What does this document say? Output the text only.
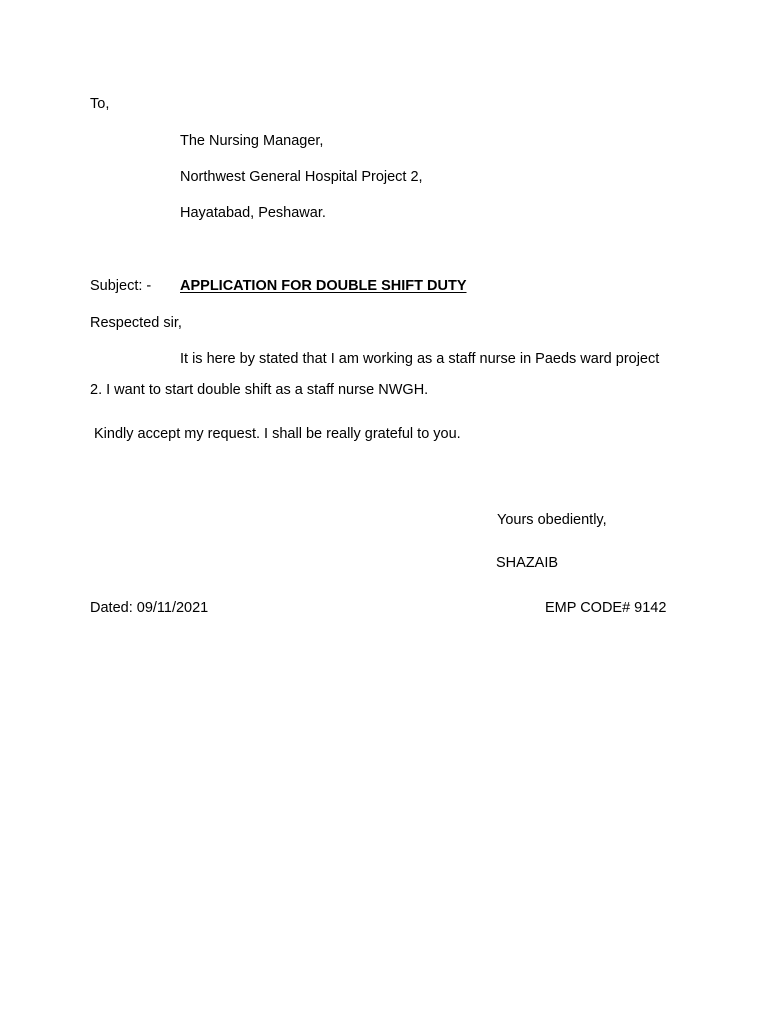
To,
The Nursing Manager,
Northwest General Hospital Project 2,
Hayatabad, Peshawar.
Subject: - APPLICATION FOR DOUBLE SHIFT DUTY
Respected sir,
It is here by stated that I am working as a staff nurse in Paeds ward project
2. I want to start double shift as a staff nurse NWGH.
Kindly accept my request. I shall be really grateful to you.
Yours obediently,
SHAZAIB
Dated: 09/11/2021	EMP CODE# 9142
